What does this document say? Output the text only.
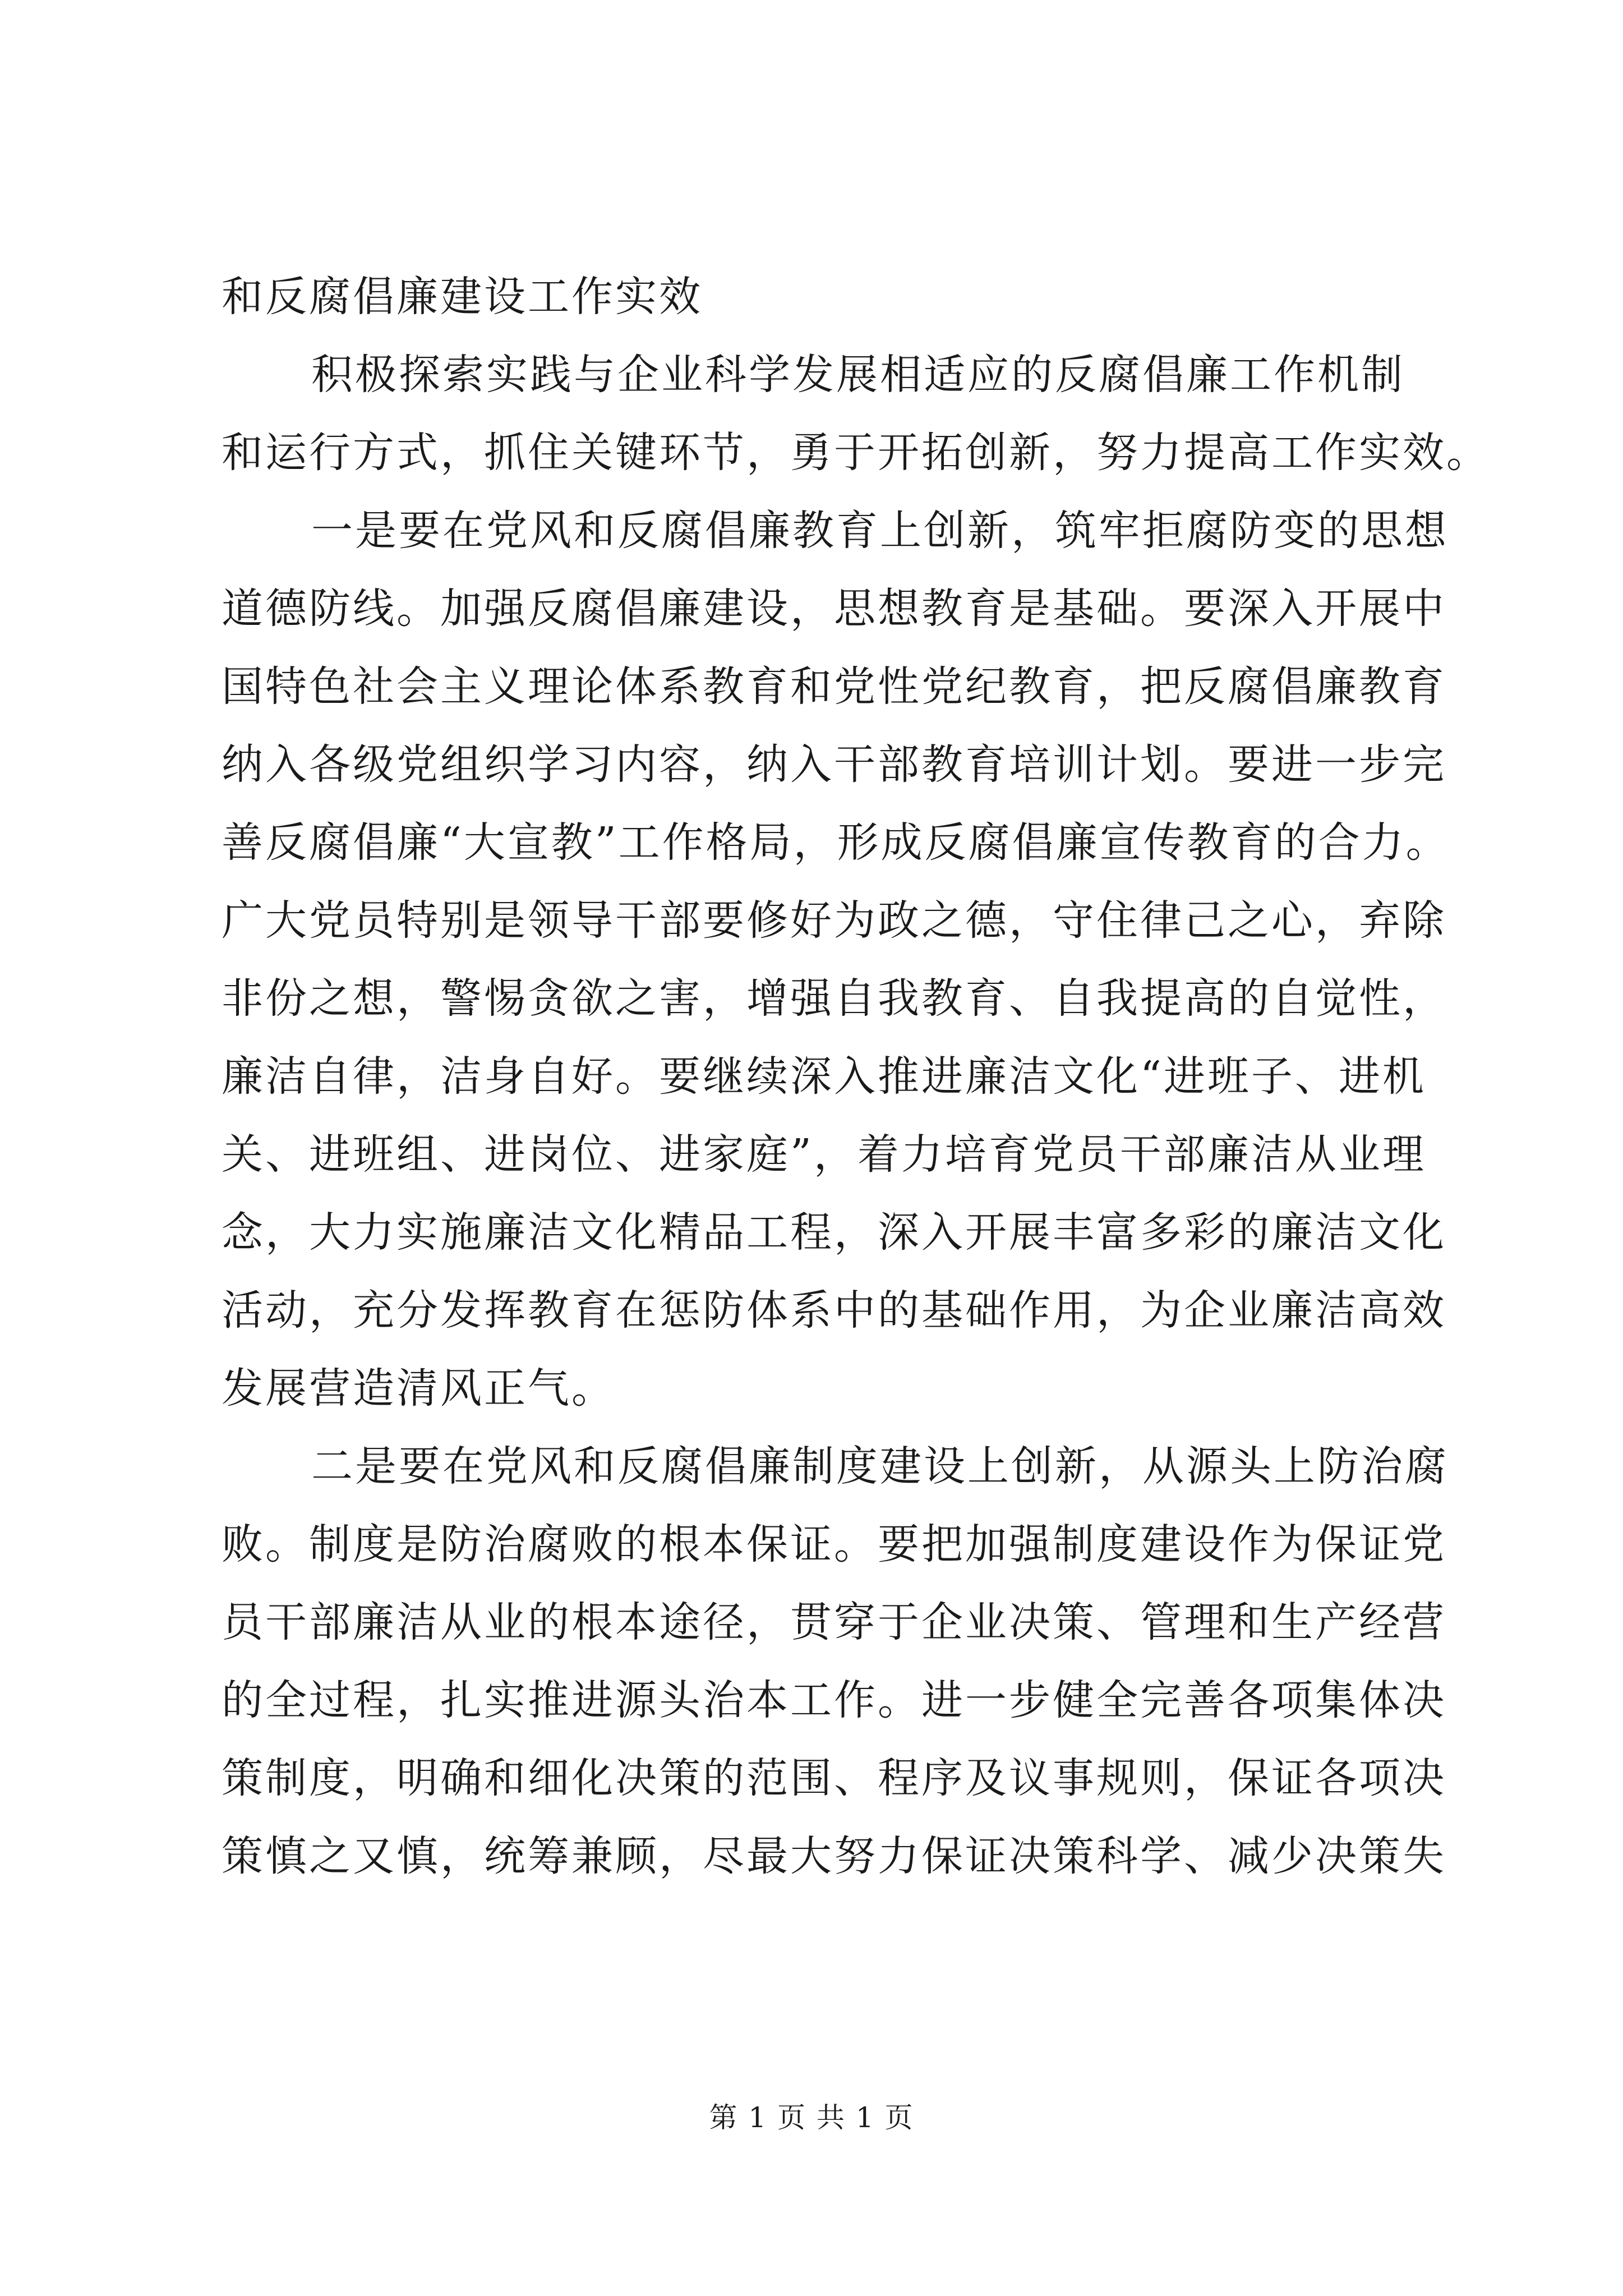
和反腐倡廉建设工作实效
积极探索实践与企业科学发展相适应的反腐倡廉工作机制
和运行方式，抓住关键环节，勇于开拓创新，努力提高工作实效。
一是要在党风和反腐倡廉教育上创新，筑牢拒腐防变的思想
道德防线。加强反腐倡廉建设，思想教育是基础。要深入开展中
国特色社会主义理论体系教育和党性党纪教育，把反腐倡廉教育
纳入各级党组织学习内容，纳入干部教育培训计划。要进一步完
善反腐倡廉“大宣教”工作格局，形成反腐倡廉宣传教育的合力。
广大党员特别是领导干部要修好为政之德，守住律己之心，弃除
非份之想，警惕贪欲之害，增强自我教育、自我提高的自觉性，
廉洁自律，洁身自好。要继续深入推进廉洁文化“进班子、进机
关、进班组、进岗位、进家庭”，着力培育党员干部廉洁从业理
念，大力实施廉洁文化精品工程，深入开展丰富多彩的廉洁文化
活动，充分发挥教育在惩防体系中的基础作用，为企业廉洁高效
发展营造清风正气。
二是要在党风和反腐倡廉制度建设上创新，从源头上防治腐
败。制度是防治腐败的根本保证。要把加强制度建设作为保证党
员干部廉洁从业的根本途径，贯穿于企业决策、管理和生产经营
的全过程，扎实推进源头治本工作。进一步健全完善各项集体决
策制度，明确和细化决策的范围、程序及议事规则，保证各项决
策慎之又慎，统筹兼顾，尽最大努力保证决策科学、减少决策失
第 1 页 共 1 页
